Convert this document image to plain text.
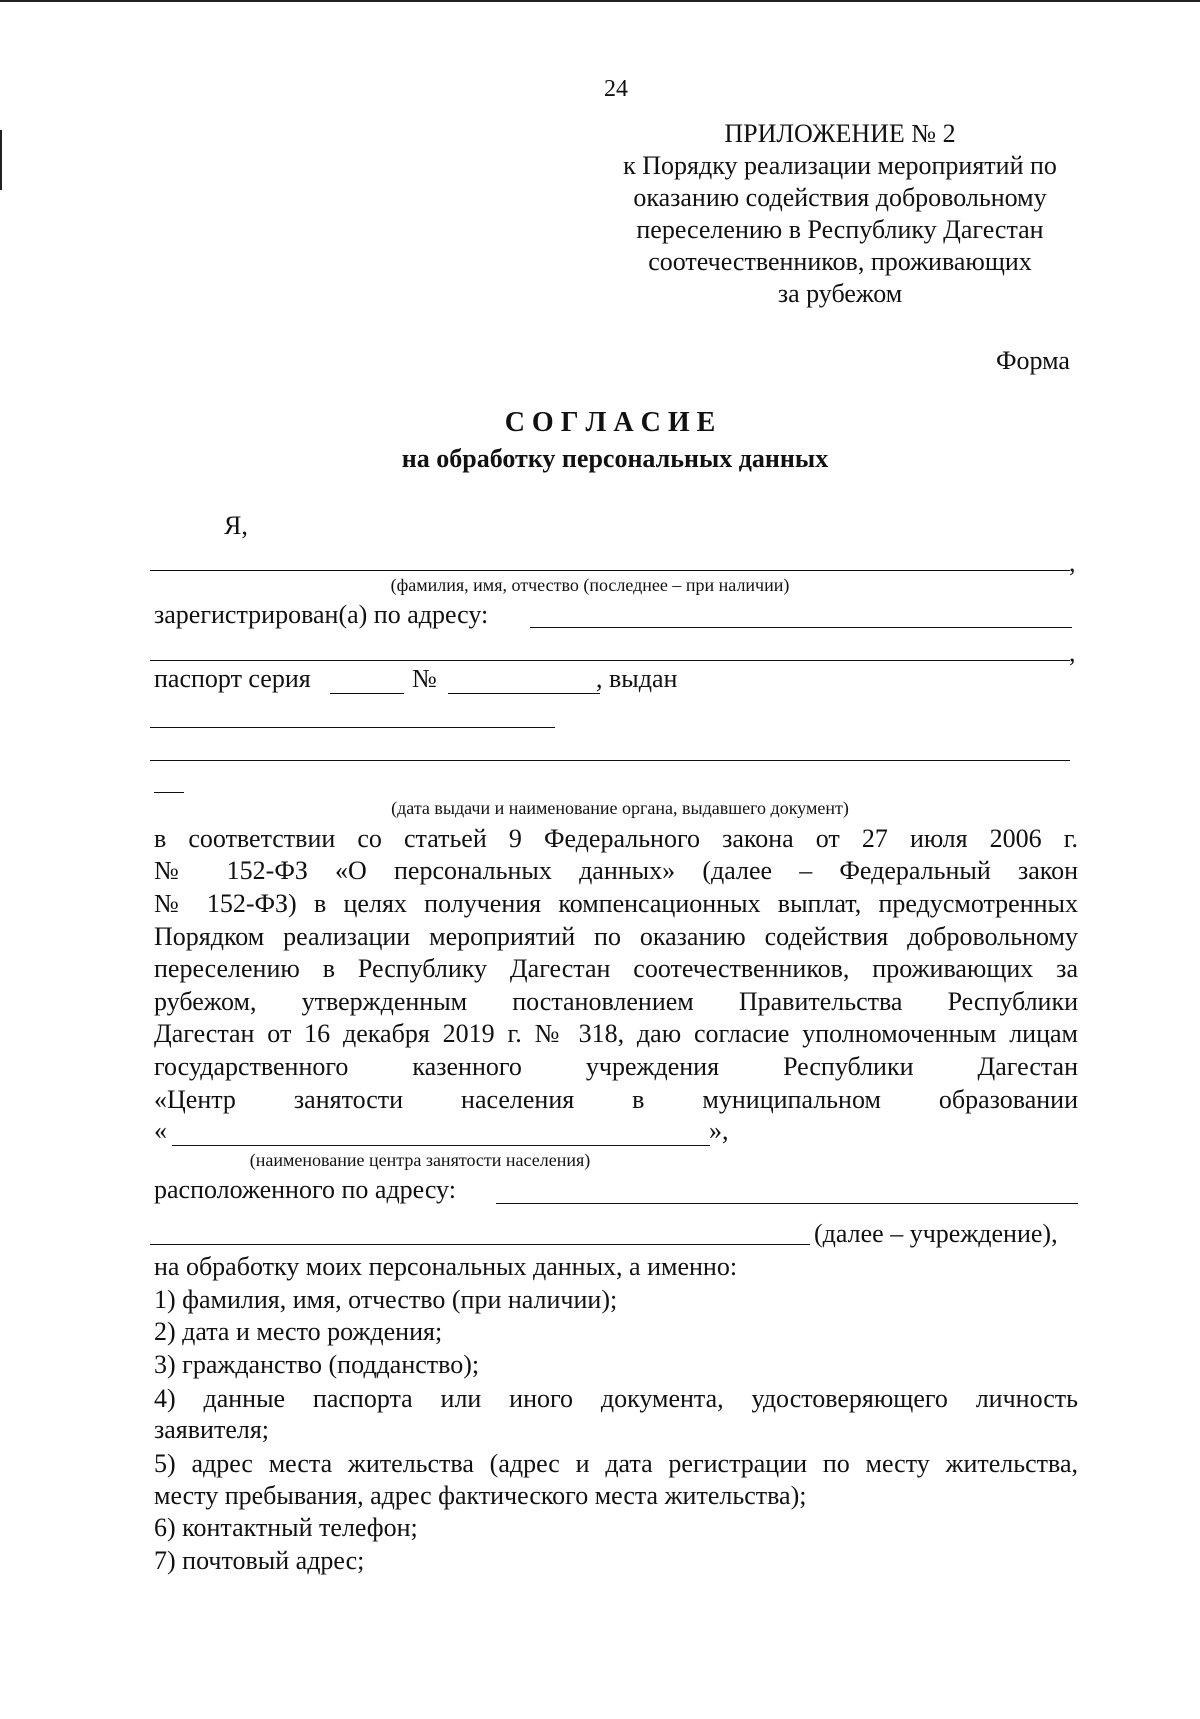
24
ПРИЛОЖЕНИЕ № 2
к Порядку реализации мероприятий по
оказанию содействия добровольному
переселению в Республику Дагестан
соотечественников, проживающих
за рубежом
Форма
С О Г Л А С И Е
на обработку персональных данных
Я,
,
(фамилия, имя, отчество (последнее – при наличии)
зарегистрирован(а) по адресу:
,
паспорт серия	№	, выдан
(дата выдачи и наименование органа, выдавшего документ)
в соответствии со статьей 9 Федерального закона от 27 июля 2006 г.
№ 152-ФЗ «О персональных данных» (далее – Федеральный закон
№ 152-ФЗ) в целях получения компенсационных выплат, предусмотренных
Порядком реализации мероприятий по оказанию содействия добровольному
переселению в Республику Дагестан соотечественников, проживающих за
рубежом, утвержденным постановлением Правительства Республики
Дагестан от 16 декабря 2019 г. № 318, даю согласие уполномоченным лицам
государственного казенного учреждения Республики Дагестан
«Центр занятости населения в муниципальном образовании
«	»,
(наименование центра занятости населения)
расположенного по адресу:
(далее – учреждение),
на обработку моих персональных данных, а именно:
1) фамилия, имя, отчество (при наличии);
2) дата и место рождения;
3) гражданство (подданство);
4) данные паспорта или иного документа, удостоверяющего личность
заявителя;
5) адрес места жительства (адрес и дата регистрации по месту жительства,
месту пребывания, адрес фактического места жительства);
6) контактный телефон;
7) почтовый адрес;
